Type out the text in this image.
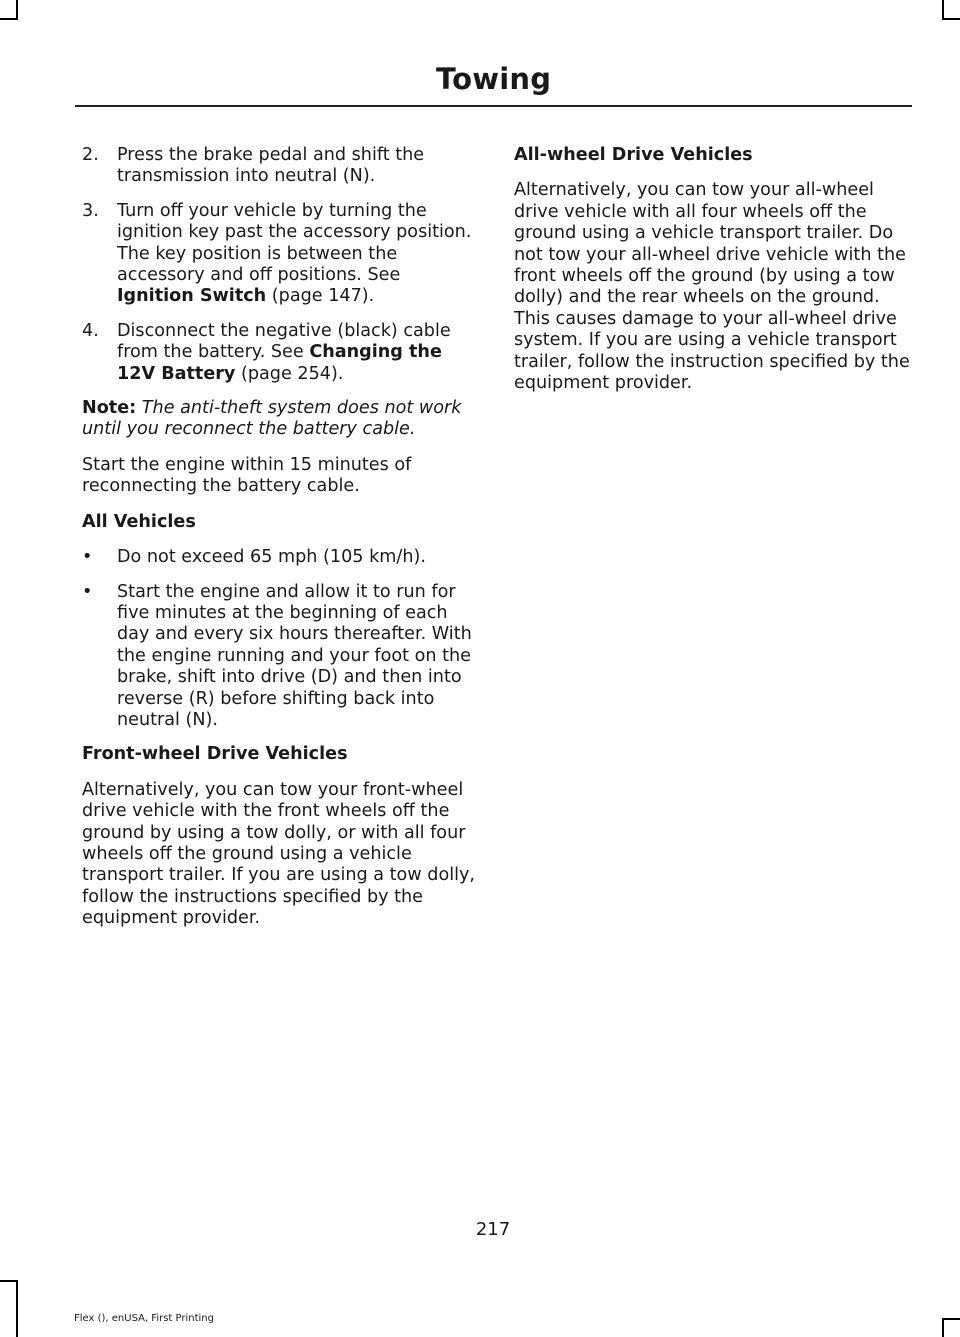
Towing
2. Press the brake pedal and shift the transmission into neutral (N).
3. Turn off your vehicle by turning the ignition key past the accessory position. The key position is between the accessory and off positions. See Ignition Switch (page 147).
4. Disconnect the negative (black) cable from the battery. See Changing the 12V Battery (page 254).

Note: The anti-theft system does not work until you reconnect the battery cable.

Start the engine within 15 minutes of reconnecting the battery cable.

All Vehicles
• Do not exceed 65 mph (105 km/h).
• Start the engine and allow it to run for five minutes at the beginning of each day and every six hours thereafter. With the engine running and your foot on the brake, shift into drive (D) and then into reverse (R) before shifting back into neutral (N).
Front-wheel Drive Vehicles

Alternatively, you can tow your front-wheel drive vehicle with the front wheels off the ground by using a tow dolly, or with all four wheels off the ground using a vehicle transport trailer. If you are using a tow dolly, follow the instructions specified by the equipment provider.

All-wheel Drive Vehicles

Alternatively, you can tow your all-wheel drive vehicle with all four wheels off the ground using a vehicle transport trailer. Do not tow your all-wheel drive vehicle with the front wheels off the ground (by using a tow dolly) and the rear wheels on the ground. This causes damage to your all-wheel drive system. If you are using a vehicle transport trailer, follow the instruction specified by the equipment provider.

217
Flex (), enUSA, First Printing
